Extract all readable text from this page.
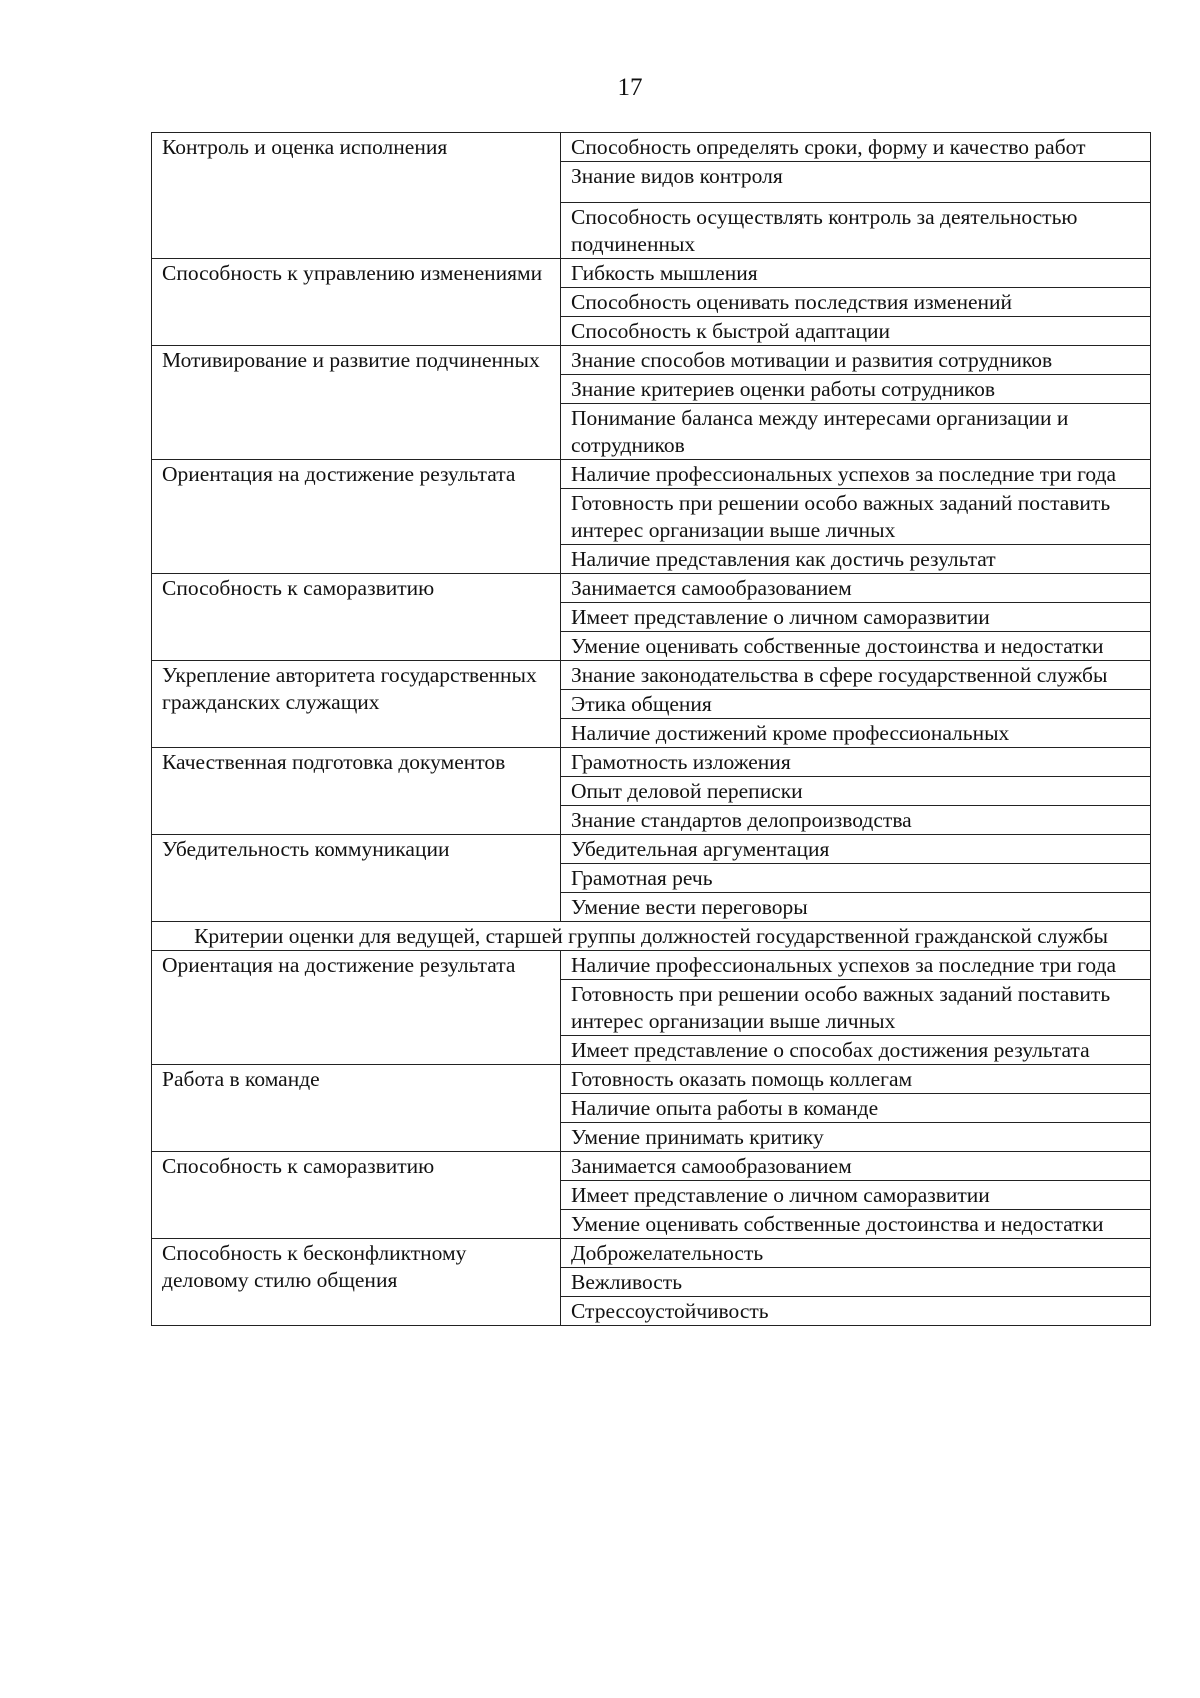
17
Контроль и оценка исполнения	Способность определять сроки, форму и качество работ
	Знание видов контроля
	Способность осуществлять контроль за деятельностью подчиненных
Способность к управлению изменениями	Гибкость мышления
	Способность оценивать последствия изменений
	Способность к быстрой адаптации
Мотивирование и развитие подчиненных	Знание способов мотивации и развития сотрудников
	Знание критериев оценки работы сотрудников
	Понимание баланса между интересами организации и сотрудников
Ориентация на достижение результата	Наличие профессиональных успехов за последние три года
	Готовность при решении особо важных заданий поставить интерес организации выше личных
	Наличие представления как достичь результат
Способность к саморазвитию	Занимается самообразованием
	Имеет представление о личном саморазвитии
	Умение оценивать собственные достоинства и недостатки
Укрепление авторитета государственных гражданских служащих	Знание законодательства в сфере государственной службы
	Этика общения
	Наличие достижений кроме профессиональных
Качественная подготовка документов	Грамотность изложения
	Опыт деловой переписки
	Знание стандартов делопроизводства
Убедительность коммуникации	Убедительная аргументация
	Грамотная речь
	Умение вести переговоры
Критерии оценки для ведущей, старшей группы должностей государственной гражданской службы	
Ориентация на достижение результата	Наличие профессиональных успехов за последние три года
	Готовность при решении особо важных заданий поставить интерес организации выше личных
	Имеет представление о способах достижения результата
Работа в команде	Готовность оказать помощь коллегам
	Наличие опыта работы в команде
	Умение принимать критику
Способность к саморазвитию	Занимается самообразованием
	Имеет представление о личном саморазвитии
	Умение оценивать собственные достоинства и недостатки
Способность к бесконфликтному деловому стилю общения	Доброжелательность
	Вежливость
	Стрессоустойчивость
